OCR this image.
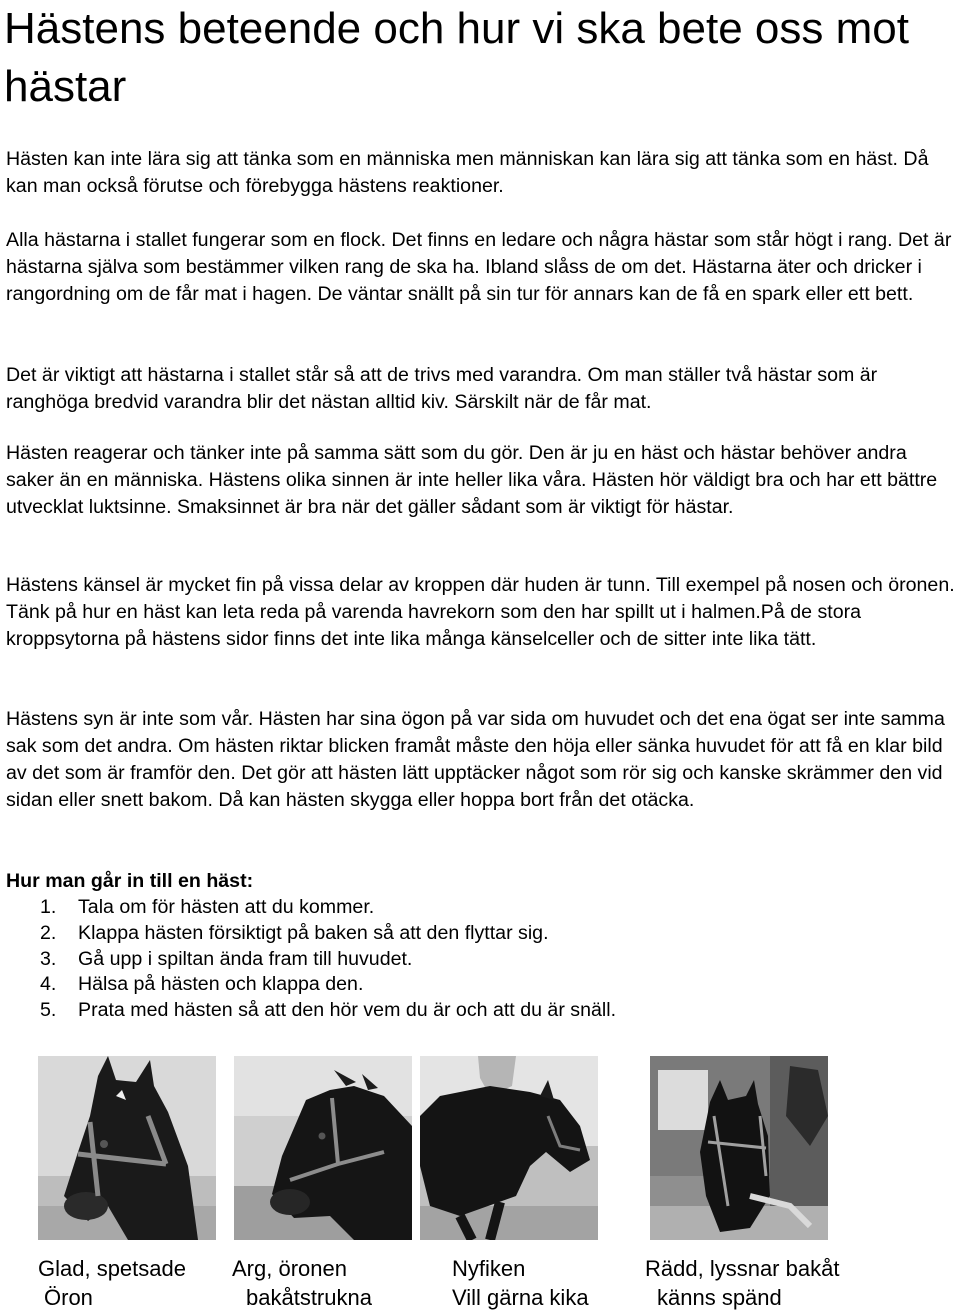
Hästens beteende och hur vi ska bete oss mot hästar

Hästen kan inte lära sig att tänka som en människa men människan kan lära sig att tänka som en häst. Då kan man också förutse och förebygga hästens reaktioner.

Alla hästarna i stallet fungerar som en flock. Det finns en ledare och några hästar som står högt i rang. Det är hästarna själva som bestämmer vilken rang de ska ha. Ibland slåss de om det. Hästarna äter och dricker i rangordning om de får mat i hagen. De väntar snällt på sin tur för annars kan de få en spark eller ett bett.

Det är viktigt att hästarna i stallet står så att de trivs med varandra. Om man ställer två hästar som är ranghöga bredvid varandra blir det nästan alltid kiv. Särskilt när de får mat.

Hästen reagerar och tänker inte på samma sätt som du gör. Den är ju en häst och hästar behöver andra saker än en människa. Hästens olika sinnen är inte heller lika våra. Hästen hör väldigt bra och har ett bättre utvecklat luktsinne. Smaksinnet är bra när det gäller sådant som är viktigt för hästar.

Hästens känsel är mycket fin på vissa delar av kroppen där huden är tunn. Till exempel på nosen och öronen. Tänk på hur en häst kan leta reda på varenda havrekorn som den har spillt ut i halmen.På de stora kroppsytorna på hästens sidor finns det inte lika många känselceller och de sitter inte lika tätt.

Hästens syn är inte som vår. Hästen har sina ögon på var sida om huvudet och det ena ögat ser inte samma sak som det andra. Om hästen riktar blicken framåt måste den höja eller sänka huvudet för att få en klar bild av det som är framför den. Det gör att hästen lätt upptäcker något som rör sig och kanske skrämmer den vid sidan eller snett bakom. Då kan hästen skygga eller hoppa bort från det otäcka.

Hur man går in till en häst:

1. Tala om för hästen att du kommer.
2. Klappa hästen försiktigt på baken så att den flyttar sig.
3. Gå upp i spiltan ända fram till huvudet.
4. Hälsa på hästen och klappa den.
5. Prata med hästen så att den hör vem du är och att du är snäll.
Glad, spetsade
Öron
Arg, öronen
bakåtstrukna
Nyfiken
Vill gärna kika
Rädd, lyssnar bakåt
känns spänd
